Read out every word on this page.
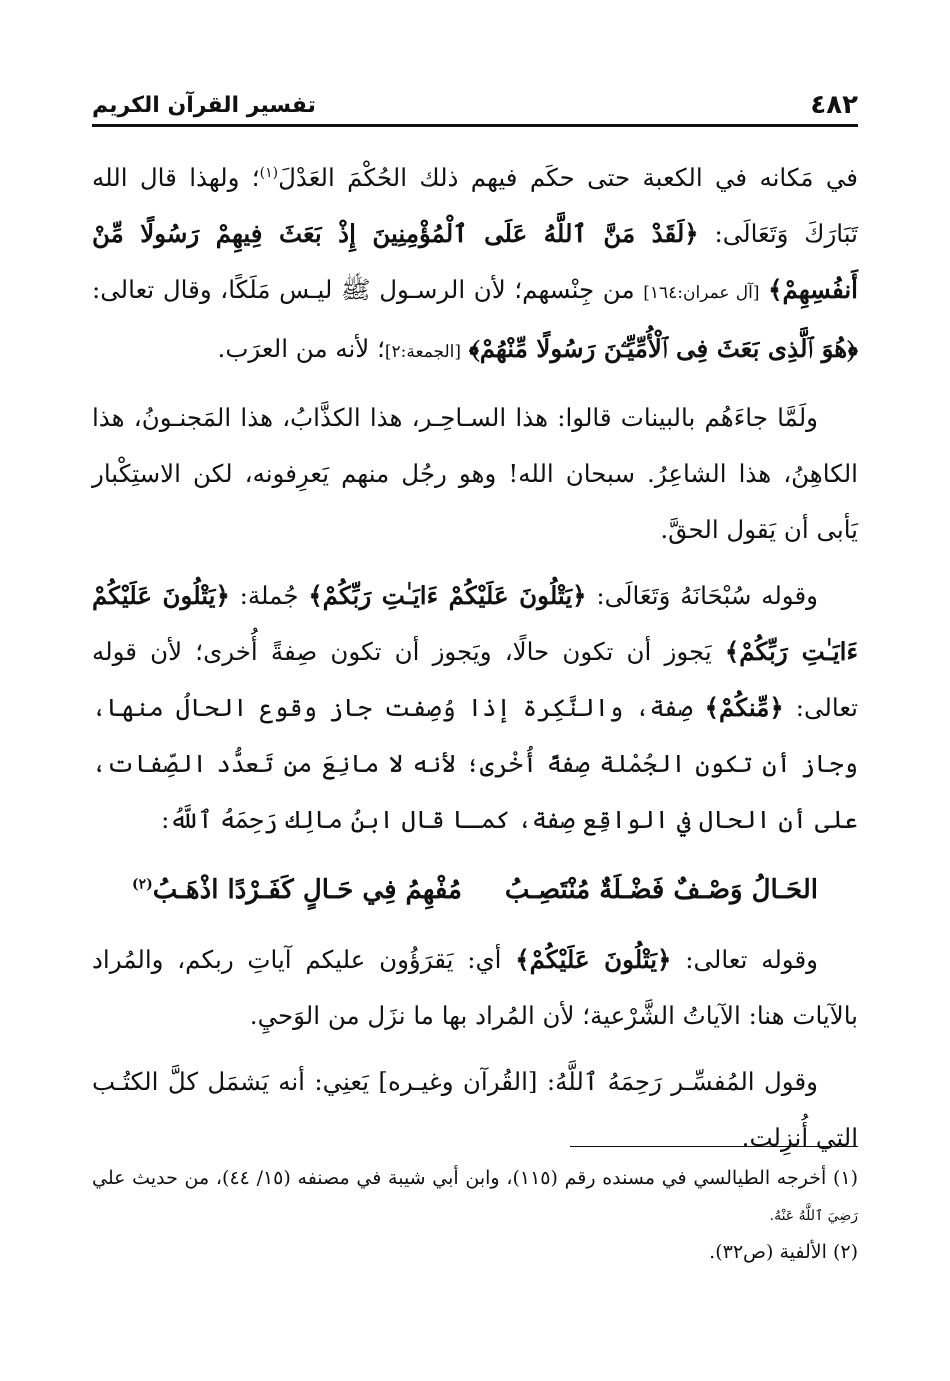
٤٨٢
تفسير القرآن الكريم

في مَكانه في الكعبة حتى حكَم فيهم ذلك الحُكْمَ العَدْلَ$^{(١)}$؛ ولهذا قال الله تَبَارَكَ وَتَعَالَى: ﴿لَقَدْ مَنَّ ٱللَّهُ عَلَى ٱلْمُؤْمِنِينَ إِذْ بَعَثَ فِيهِمْ رَسُولًا مِّنْ أَنفُسِهِمْ﴾ [آل عمران:١٦٤] من جِنْسهم؛ لأن الرسـول ﷺ ليـس مَلَكًا، وقال تعالى: ﴿هُوَ ٱلَّذِى بَعَثَ فِى ٱلْأُمِّيِّـۧنَ رَسُولًا مِّنْهُمْ﴾ [الجمعة:٢]؛ لأنه من العرَب.

ولَمَّا جاءَهُم بالبينات قالوا: هذا السـاحِـر، هذا الكذَّابُ، هذا المَجنـونُ، هذا الكاهِنُ، هذا الشاعِرُ. سبحان الله! وهو رجُل منهم يَعرِفونه، لكن الاستِكْبار يَأبى أن يَقول الحقَّ.

وقوله سُبْحَانَهُ وَتَعَالَى: ﴿يَتْلُونَ عَلَيْكُمْ ءَايَـٰتِ رَبِّكُمْ﴾ جُملة: ﴿يَتْلُونَ عَلَيْكُمْ ءَايَـٰتِ رَبِّكُمْ﴾ يَجوز أن تكون حالًا، ويَجوز أن تكون صِفةً أُخرى؛ لأن قوله تعالى: ﴿مِّنكُمْ﴾ صِفة، والنَّكِرة إذا وُصِفت جاز وقوع الحالُ منها، وجاز أن تكون الجُمْلة صِفةً أُخْرى؛ لأنه لا مانِعَ من تَعدُّد الصِّفات، على أن الحال في الواقِع صِفة، كمـا قال ابنُ مالِك رَحِمَهُ ٱللَّهُ:

الحَـالُ وَصْـفٌ فَضْـلَةٌ مُنْتَصِـبُ
مُفْهِمُ فِي حَـالٍ كَفَـرْدًا اذْهَـبُ$^{(٢)}$

وقوله تعالى: ﴿يَتْلُونَ عَلَيْكُمْ﴾ أي: يَقرَؤُون عليكم آياتِ ربكم، والمُراد بالآيات هنا: الآياتُ الشَّرْعية؛ لأن المُراد بها ما نزَل من الوَحيِ.

وقول المُفسِّـر رَحِمَهُ ٱللَّهُ: [القُرآن وغيـره] يَعنِي: أنه يَشمَل كلَّ الكتُـب التي أُنزِلت.

(١) أخرجه الطيالسي في مسنده رقم (١١٥)، وابن أبي شيبة في مصنفه (١٥/ ٤٤)، من حديث علي رَضِيَ ٱللَّهُ عَنْهُ.

(٢) الألفية (ص٣٢).
